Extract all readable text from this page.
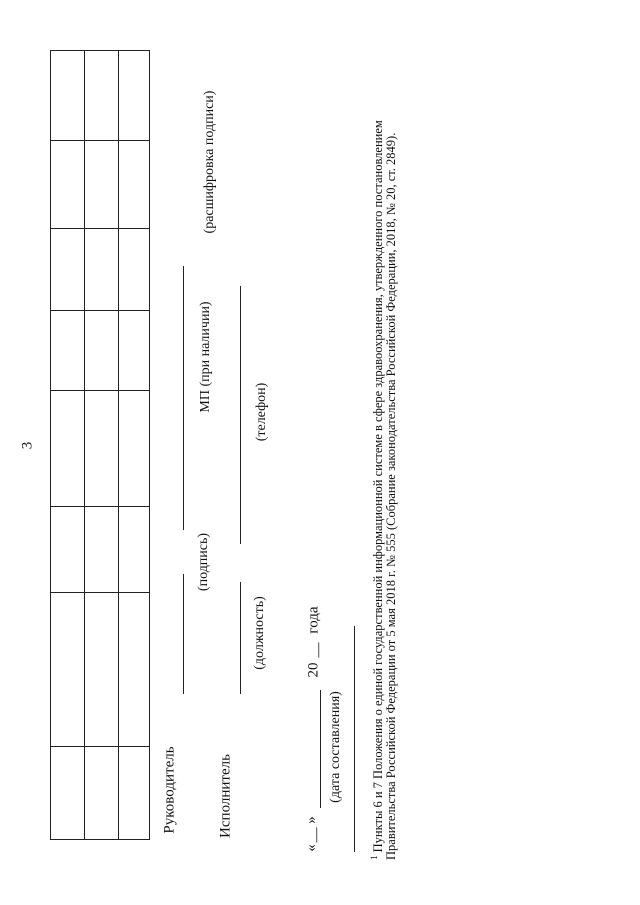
3
Руководитель
(подпись)
МП (при наличии)
(расшифровка подписи)
Исполнитель
(должность)
(телефон)
«
__
»
20
__
года
(дата составления)
$^1$ Пункты 6 и 7 Положения о единой государственной информационной системе в сфере здравоохранения, утвержденного постановлением
Правительства Российской Федерации от 5 мая 2018 г. № 555 (Собрание законодательства Российской Федерации, 2018, № 20, ст. 2849).
